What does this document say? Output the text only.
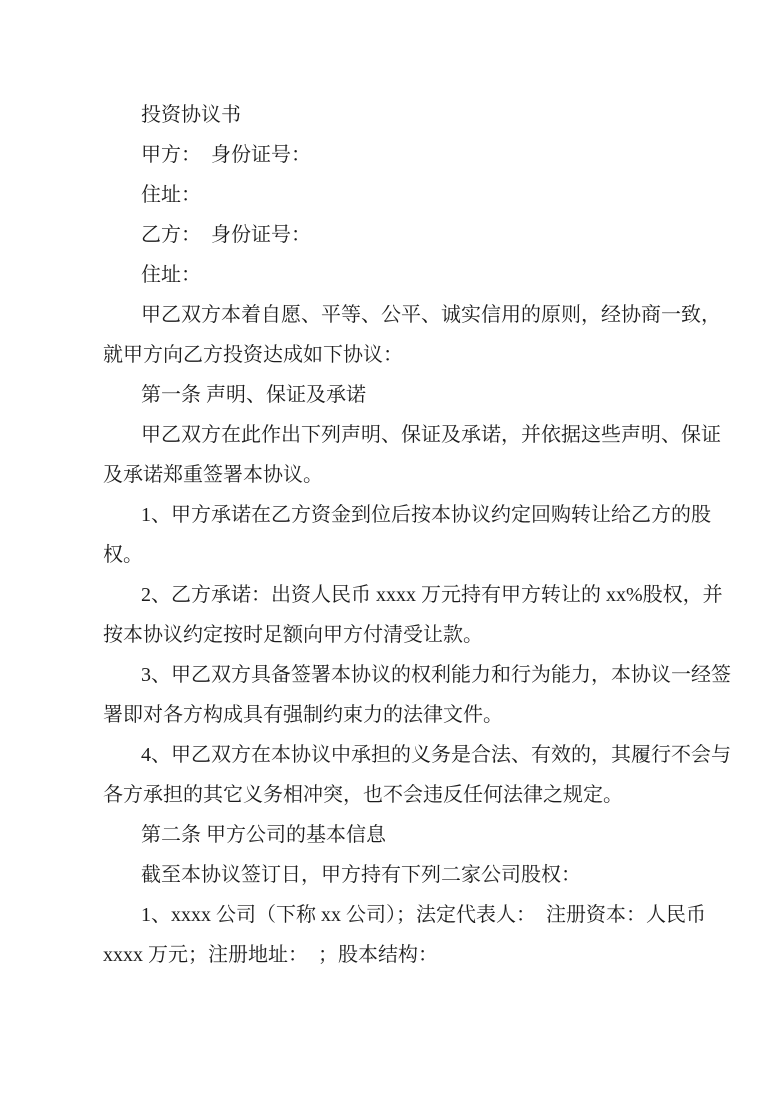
投资协议书
甲方：　身份证号：
住址：
乙方：　身份证号：
住址：
甲乙双方本着自愿、平等、公平、诚实信用的原则，经协商一致，
就甲方向乙方投资达成如下协议：
第一条 声明、保证及承诺
甲乙双方在此作出下列声明、保证及承诺，并依据这些声明、保证
及承诺郑重签署本协议。
1、甲方承诺在乙方资金到位后按本协议约定回购转让给乙方的股
权。
2、乙方承诺：出资人民币 xxxx 万元持有甲方转让的 xx%股权，并
按本协议约定按时足额向甲方付清受让款。
3、甲乙双方具备签署本协议的权利能力和行为能力，本协议一经签
署即对各方构成具有强制约束力的法律文件。
4、甲乙双方在本协议中承担的义务是合法、有效的，其履行不会与
各方承担的其它义务相冲突，也不会违反任何法律之规定。
第二条 甲方公司的基本信息
截至本协议签订日，甲方持有下列二家公司股权：
1、xxxx 公司（下称 xx 公司）；法定代表人：  注册资本：人民币
xxxx 万元；注册地址：  ；股本结构：
